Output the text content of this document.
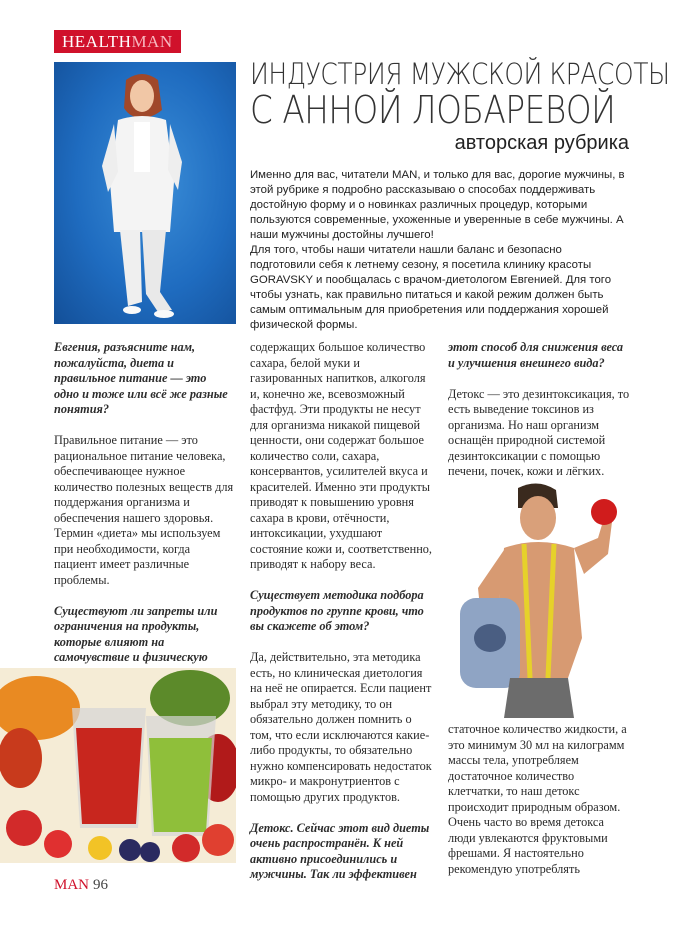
HEALTHMAN
ИНДУСТРИЯ МУЖСКОЙ КРАСОТЫ
С АННОЙ ЛОБАРЕВОЙ
авторская рубрика

Именно для вас, читатели MAN, и только для вас, дорогие мужчины, в этой рубрике я подробно рассказываю о способах поддерживать достойную форму и о новинках различных процедур, которыми пользуются современные, ухоженные и уверенные в себе мужчины. А наши мужчины достойны лучшего!

Для того, чтобы наши читатели нашли баланс и безопасно подготовили себя к летнему сезону, я посетила клинику красоты GORAVSKY и пообщалась с врачом-диетологом Евгенией. Для того чтобы узнать, как правильно питаться и какой режим должен быть самым оптимальным для приобретения или поддержания хорошей физической формы.

Евгения, разъясните нам, пожалуйста, диета и правильное питание — это одно и тоже или всё же разные понятия?

Правильное питание — это рациональное питание человека, обеспечивающее нужное количество полезных веществ для поддержания организма и обеспечения нашего здоровья. Термин «диета» мы используем при необходимости, когда пациент имеет различные проблемы.

Существуют ли запреты или ограничения на продукты, которые влияют на самочувствие и физическую

содержащих большое количество сахара, белой муки и газированных напитков, алкоголя и, конечно же, всевозможный фастфуд. Эти продукты не несут для организма никакой пищевой ценности, они содержат большое количество соли, сахара, консервантов, усилителей вкуса и красителей. Именно эти продукты приводят к повышению уровня сахара в крови, отёчности, интоксикации, ухудшают состояние кожи и, соответственно, приводят к набору веса.

Существует методика подбора продуктов по группе крови, что вы скажете об этом?

Да, действительно, эта методика есть, но клиническая диетология на неё не опирается. Если пациент выбрал эту методику, то он обязательно должен помнить о том, что если исключаются какие-либо продукты, то обязательно нужно компенсировать недостаток микро- и макронутриентов с помощью других продуктов.

Детокс. Сейчас этот вид диеты очень распространён. К ней активно присоединились и мужчины. Так ли эффективен

этот способ для снижения веса и улучшения внешнего вида?

Детокс — это дезинтоксикация, то есть выведение токсинов из организма. Но наш организм оснащён природной системой дезинтоксикации с помощью печени, почек, кожи и лёгких.

статочное количество жидкости, а это минимум 30 мл на килограмм массы тела, употребляем достаточное количество клетчатки, то наш детокс происходит природным образом. Очень часто во время детокса люди увлекаются фруктовыми фрешами. Я настоятельно рекомендую употреблять

MAN 96
